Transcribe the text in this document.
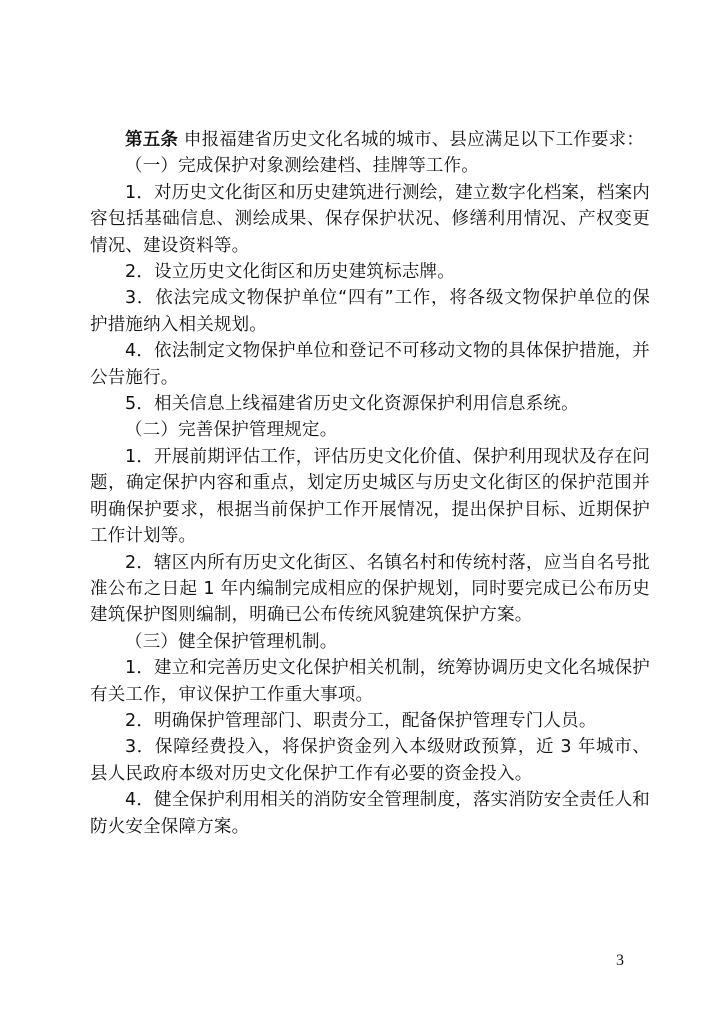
第五条 申报福建省历史文化名城的城市、县应满足以下工作要求：

（一）完成保护对象测绘建档、挂牌等工作。

1．对历史文化街区和历史建筑进行测绘，建立数字化档案，档案内容包括基础信息、测绘成果、保存保护状况、修缮利用情况、产权变更情况、建设资料等。

2．设立历史文化街区和历史建筑标志牌。

3．依法完成文物保护单位“四有”工作，将各级文物保护单位的保护措施纳入相关规划。

4．依法制定文物保护单位和登记不可移动文物的具体保护措施，并公告施行。

5．相关信息上线福建省历史文化资源保护利用信息系统。

（二）完善保护管理规定。

1．开展前期评估工作，评估历史文化价值、保护利用现状及存在问题，确定保护内容和重点，划定历史城区与历史文化街区的保护范围并明确保护要求，根据当前保护工作开展情况，提出保护目标、近期保护工作计划等。

2．辖区内所有历史文化街区、名镇名村和传统村落，应当自名号批准公布之日起 1 年内编制完成相应的保护规划，同时要完成已公布历史建筑保护图则编制，明确已公布传统风貌建筑保护方案。

（三）健全保护管理机制。

1．建立和完善历史文化保护相关机制，统筹协调历史文化名城保护有关工作，审议保护工作重大事项。

2．明确保护管理部门、职责分工，配备保护管理专门人员。

3．保障经费投入，将保护资金列入本级财政预算，近 3 年城市、县人民政府本级对历史文化保护工作有必要的资金投入。

4．健全保护利用相关的消防安全管理制度，落实消防安全责任人和防火安全保障方案。

3
